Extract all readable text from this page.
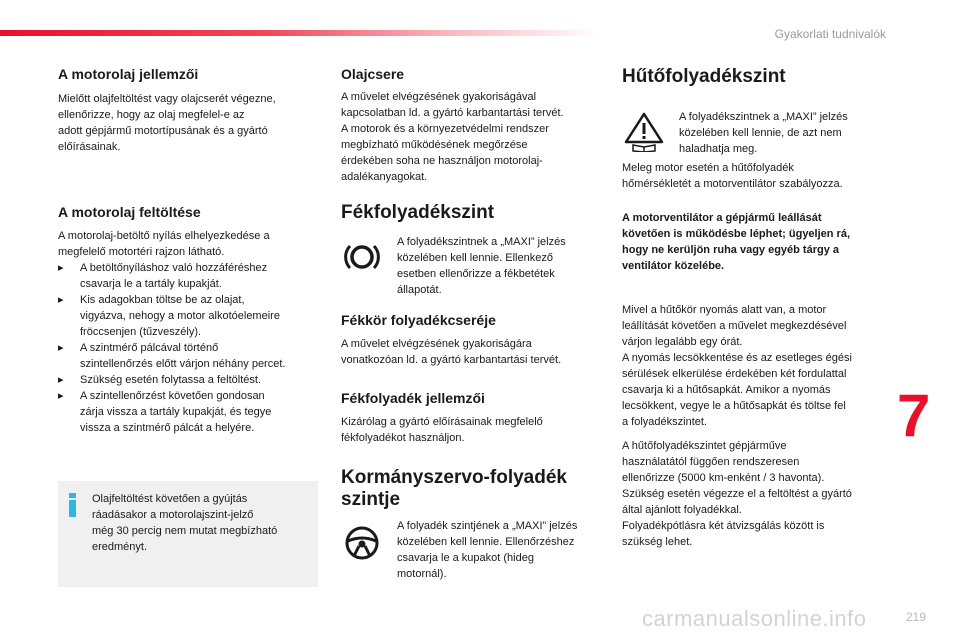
Gyakorlati tudnivalók
A motorolaj jellemzői
Mielőtt olajfeltöltést vagy olajcserét végezne,
ellenőrizze, hogy az olaj megfelel-e az
adott gépjármű motortípusának és a gyártó
előírásainak.
A motorolaj feltöltése
A motorolaj-betöltő nyílás elhelyezkedése a
megfelelő motortéri rajzon látható.
▸ A betöltőnyíláshoz való hozzáféréshez
csavarja le a tartály kupakját.
▸ Kis adagokban töltse be az olajat,
vigyázva, nehogy a motor alkotóelemeire
fröccsenjen (tűzveszély).
▸ A szintmérő pálcával történő
szintellenőrzés előtt várjon néhány percet.
▸ Szükség esetén folytassa a feltöltést.
▸ A szintellenőrzést követően gondosan
zárja vissza a tartály kupakját, és tegye
vissza a szintmérő pálcát a helyére.
Olajfeltöltést követően a gyújtás
ráadásakor a motorolajszint-jelző
még 30 percig nem mutat megbízható
eredményt.
Olajcsere
A művelet elvégzésének gyakoriságával
kapcsolatban ld. a gyártó karbantartási tervét.
A motorok és a környezetvédelmi rendszer
megbízható működésének megőrzése
érdekében soha ne használjon motorolaj-
adalékanyagokat.
Fékfolyadékszint
A folyadékszintnek a „MAXI” jelzés
közelében kell lennie. Ellenkező
esetben ellenőrizze a fékbetétek
állapotát.
Fékkör folyadékcseréje
A művelet elvégzésének gyakoriságára
vonatkozóan ld. a gyártó karbantartási tervét.
Fékfolyadék jellemzői
Kizárólag a gyártó előírásainak megfelelő
fékfolyadékot használjon.
Kormányszervo-folyadék
szintje
A folyadék szintjének a „MAXI” jelzés
közelében kell lennie. Ellenőrzéshez
csavarja le a kupakot (hideg
motornál).
Hűtőfolyadékszint
A folyadékszintnek a „MAXI” jelzés
közelében kell lennie, de azt nem
haladhatja meg.
Meleg motor esetén a hűtőfolyadék
hőmérsékletét a motorventilátor szabályozza.
A motorventilátor a gépjármű leállását
követően is működésbe léphet; ügyeljen rá,
hogy ne kerüljön ruha vagy egyéb tárgy a
ventilátor közelébe.
Mivel a hűtőkör nyomás alatt van, a motor
leállítását követően a művelet megkezdésével
várjon legalább egy órát.
A nyomás lecsökkentése és az esetleges égési
sérülések elkerülése érdekében két fordulattal
csavarja ki a hűtősapkát. Amikor a nyomás
lecsökkent, vegye le a hűtősapkát és töltse fel
a folyadékszintet.
A hűtőfolyadékszintet gépjárműve
használatától függően rendszeresen
ellenőrizze (5000 km-enként / 3 havonta).
Szükség esetén végezze el a feltöltést a gyártó
által ajánlott folyadékkal.
Folyadékpótlásra két átvizsgálás között is
szükség lehet.
7
219
carmanualsonline.info
